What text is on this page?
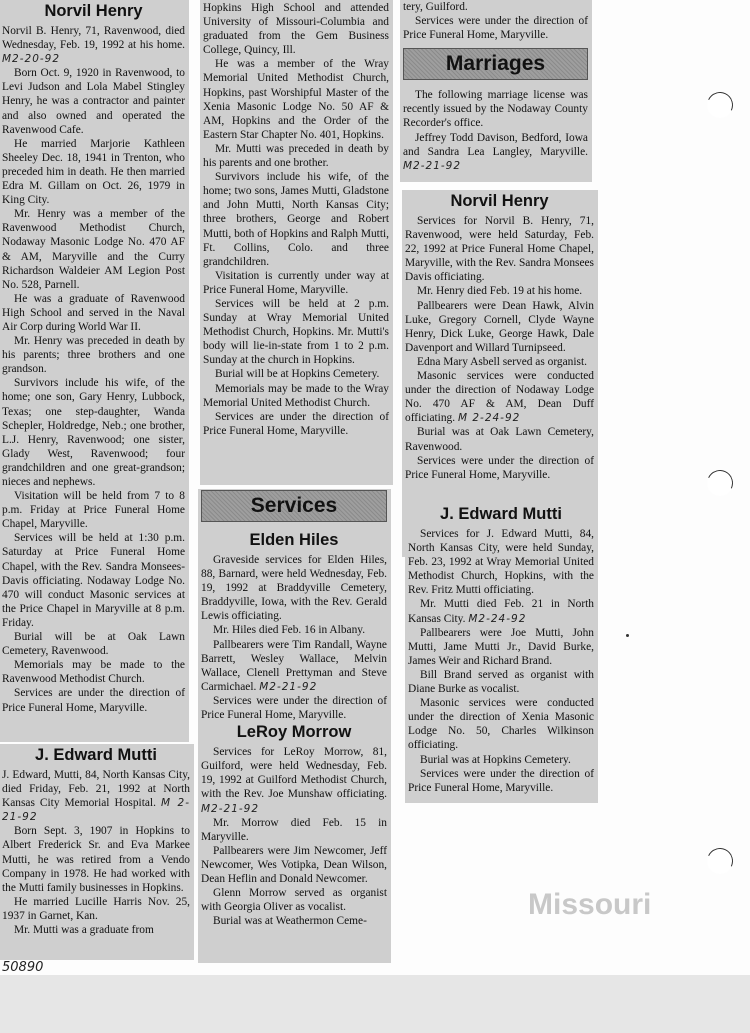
Norvil Henry

Norvil B. Henry, 71, Ravenwood, died Wednesday, Feb. 19, 1992 at his home. M2-20-92

Born Oct. 9, 1920 in Ravenwood, to Levi Judson and Lola Mabel Stingley Henry, he was a contractor and painter and also owned and operated the Ravenwood Cafe.

He married Marjorie Kathleen Sheeley Dec. 18, 1941 in Trenton, who preceded him in death. He then married Edra M. Gillam on Oct. 26, 1979 in King City.

Mr. Henry was a member of the Ravenwood Methodist Church, Nodaway Masonic Lodge No. 470 AF & AM, Maryville and the Curry Richardson Waldeier AM Legion Post No. 528, Parnell.

He was a graduate of Ravenwood High School and served in the Naval Air Corp during World War II.

Mr. Henry was preceded in death by his parents; three brothers and one grandson.

Survivors include his wife, of the home; one son, Gary Henry, Lubbock, Texas; one step-daughter, Wanda Schepler, Holdredge, Neb.; one brother, L.J. Henry, Ravenwood; one sister, Glady West, Ravenwood; four grandchildren and one great-grandson; nieces and nephews.

Visitation will be held from 7 to 8 p.m. Friday at Price Funeral Home Chapel, Maryville.

Services will be held at 1:30 p.m. Saturday at Price Funeral Home Chapel, with the Rev. Sandra Monsees-Davis officiating. Nodaway Lodge No. 470 will conduct Masonic services at the Price Chapel in Maryville at 8 p.m. Friday.

Burial will be at Oak Lawn Cemetery, Ravenwood.

Memorials may be made to the Ravenwood Methodist Church.

Services are under the direction of Price Funeral Home, Maryville.

J. Edward Mutti

J. Edward, Mutti, 84, North Kansas City, died Friday, Feb. 21, 1992 at North Kansas City Memorial Hospital. M 2-21-92

Born Sept. 3, 1907 in Hopkins to Albert Frederick Sr. and Eva Markee Mutti, he was retired from a Vendo Company in 1978. He had worked with the Mutti family businesses in Hopkins.

He married Lucille Harris Nov. 25, 1937 in Garnet, Kan.

Mr. Mutti was a graduate from

Hopkins High School and attended University of Missouri-Columbia and graduated from the Gem Business College, Quincy, Ill.

He was a member of the Wray Memorial United Methodist Church, Hopkins, past Worshipful Master of the Xenia Masonic Lodge No. 50 AF & AM, Hopkins and the Order of the Eastern Star Chapter No. 401, Hopkins.

Mr. Mutti was preceded in death by his parents and one brother.

Survivors include his wife, of the home; two sons, James Mutti, Gladstone and John Mutti, North Kansas City; three brothers, George and Robert Mutti, both of Hopkins and Ralph Mutti, Ft. Collins, Colo. and three grandchildren.

Visitation is currently under way at Price Funeral Home, Maryville.

Services will be held at 2 p.m. Sunday at Wray Memorial United Methodist Church, Hopkins. Mr. Mutti's body will lie-in-state from 1 to 2 p.m. Sunday at the church in Hopkins.

Burial will be at Hopkins Cemetery.

Memorials may be made to the Wray Memorial United Methodist Church.

Services are under the direction of Price Funeral Home, Maryville.

Services
Elden Hiles

Graveside services for Elden Hiles, 88, Barnard, were held Wednesday, Feb. 19, 1992 at Braddyville Cemetery, Braddyville, Iowa, with the Rev. Gerald Lewis officiating.

Mr. Hiles died Feb. 16 in Albany.

Pallbearers were Tim Randall, Wayne Barrett, Wesley Wallace, Melvin Wallace, Clenell Prettyman and Steve Carmichael. M2-21-92

Services were under the direction of Price Funeral Home, Maryville.

LeRoy Morrow

Services for LeRoy Morrow, 81, Guilford, were held Wednesday, Feb. 19, 1992 at Guilford Methodist Church, with the Rev. Joe Munshaw officiating. M2-21-92

Mr. Morrow died Feb. 15 in Maryville.

Pallbearers were Jim Newcomer, Jeff Newcomer, Wes Votipka, Dean Wilson, Dean Heflin and Donald Newcomer.

Glenn Morrow served as organist with Georgia Oliver as vocalist.

Burial was at Weathermon Ceme-

tery, Guilford.

Services were under the direction of Price Funeral Home, Maryville.

Marriages

The following marriage license was recently issued by the Nodaway County Recorder's office.

Jeffrey Todd Davison, Bedford, Iowa and Sandra Lea Langley, Maryville. M2-21-92

Norvil Henry

Services for Norvil B. Henry, 71, Ravenwood, were held Saturday, Feb. 22, 1992 at Price Funeral Home Chapel, Maryville, with the Rev. Sandra Monsees Davis officiating.

Mr. Henry died Feb. 19 at his home.

Pallbearers were Dean Hawk, Alvin Luke, Gregory Cornell, Clyde Wayne Henry, Dick Luke, George Hawk, Dale Davenport and Willard Turnipseed.

Edna Mary Asbell served as organist.

Masonic services were conducted under the direction of Nodaway Lodge No. 470 AF & AM, Dean Duff officiating. M 2-24-92

Burial was at Oak Lawn Cemetery, Ravenwood.

Services were under the direction of Price Funeral Home, Maryville.

J. Edward Mutti

Services for J. Edward Mutti, 84, North Kansas City, were held Sunday, Feb. 23, 1992 at Wray Memorial United Methodist Church, Hopkins, with the Rev. Fritz Mutti officiating.

Mr. Mutti died Feb. 21 in North Kansas City. M2-24-92

Pallbearers were Joe Mutti, John Mutti, Jame Mutti Jr., David Burke, James Weir and Richard Brand.

Bill Brand served as organist with Diane Burke as vocalist.

Masonic services were conducted under the direction of Xenia Masonic Lodge No. 50, Charles Wilkinson officiating.

Burial was at Hopkins Cemetery.

Services were under the direction of Price Funeral Home, Maryville.

Missouri
50890
